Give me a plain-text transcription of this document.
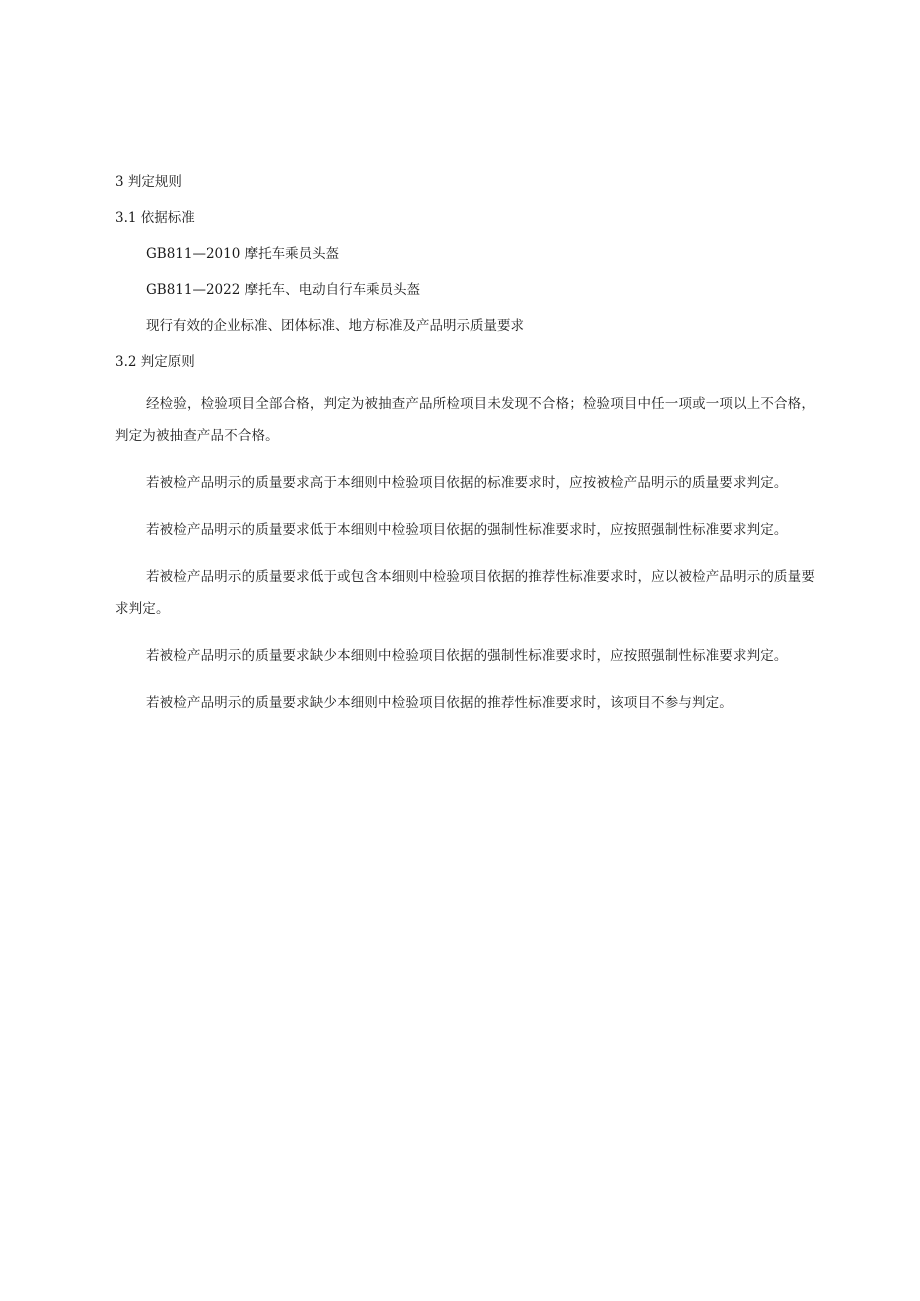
3 判定规则

3.1 依据标准

GB811—2010 摩托车乘员头盔

GB811—2022 摩托车、电动自行车乘员头盔

现行有效的企业标准、团体标准、地方标准及产品明示质量要求

3.2 判定原则

经检验，检验项目全部合格，判定为被抽查产品所检项目未发现不合格；检验项目中任一项或一项以上不合格，判定为被抽查产品不合格。

若被检产品明示的质量要求高于本细则中检验项目依据的标准要求时，应按被检产品明示的质量要求判定。

若被检产品明示的质量要求低于本细则中检验项目依据的强制性标准要求时，应按照强制性标准要求判定。

若被检产品明示的质量要求低于或包含本细则中检验项目依据的推荐性标准要求时，应以被检产品明示的质量要求判定。

若被检产品明示的质量要求缺少本细则中检验项目依据的强制性标准要求时，应按照强制性标准要求判定。

若被检产品明示的质量要求缺少本细则中检验项目依据的推荐性标准要求时，该项目不参与判定。
